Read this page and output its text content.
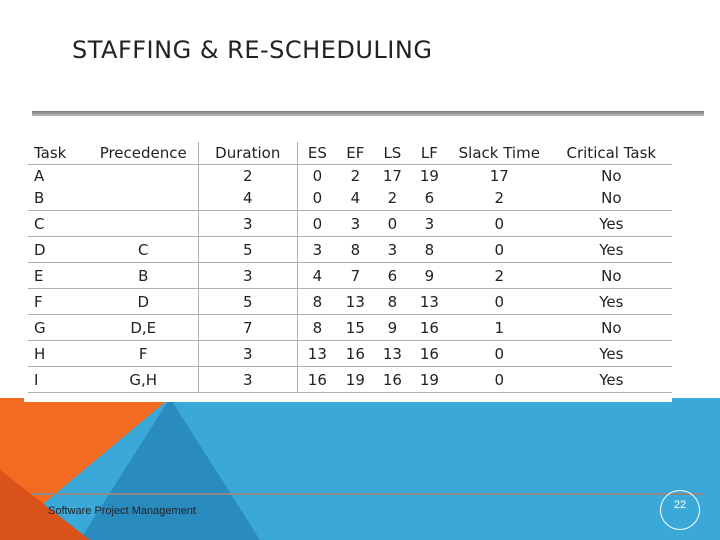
STAFFING & RE-SCHEDULING
Task	Precedence	Duration	ES	EF	LS	LF	Slack Time	Critical Task
A		2	0	2	17	19	17	No
B		4	0	4	2	6	2	No
C		3	0	3	0	3	0	Yes
D	C	5	3	8	3	8	0	Yes
E	B	3	4	7	6	9	2	No
F	D	5	8	13	8	13	0	Yes
G	D,E	7	8	15	9	16	1	No
H	F	3	13	16	13	16	0	Yes
I	G,H	3	16	19	16	19	0	Yes
Software Project Management	22
